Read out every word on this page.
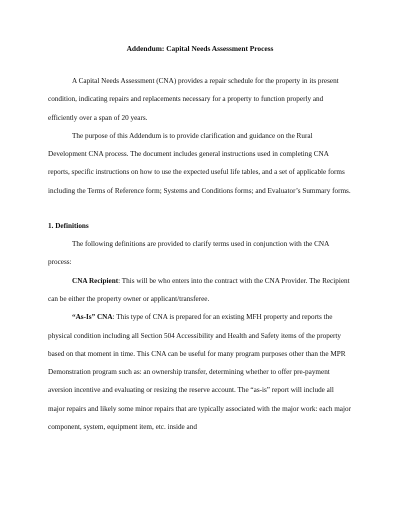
Addendum: Capital Needs Assessment Process

A Capital Needs Assessment (CNA) provides a repair schedule for the property in its present condition, indicating repairs and replacements necessary for a property to function properly and efficiently over a span of 20 years.

The purpose of this Addendum is to provide clarification and guidance on the Rural Development CNA process. The document includes general instructions used in completing CNA reports, specific instructions on how to use the expected useful life tables, and a set of applicable forms including the Terms of Reference form; Systems and Conditions forms; and Evaluator’s Summary forms.

1. Definitions

The following definitions are provided to clarify terms used in conjunction with the CNA process:

CNA Recipient: This will be who enters into the contract with the CNA Provider. The Recipient can be either the property owner or applicant/transferee.

“As-Is” CNA: This type of CNA is prepared for an existing MFH property and reports the physical condition including all Section 504 Accessibility and Health and Safety items of the property based on that moment in time. This CNA can be useful for many program purposes other than the MPR Demonstration program such as: an ownership transfer, determining whether to offer pre-payment aversion incentive and evaluating or resizing the reserve account. The “as-is” report will include all major repairs and likely some minor repairs that are typically associated with the major work: each major component, system, equipment item, etc. inside and
